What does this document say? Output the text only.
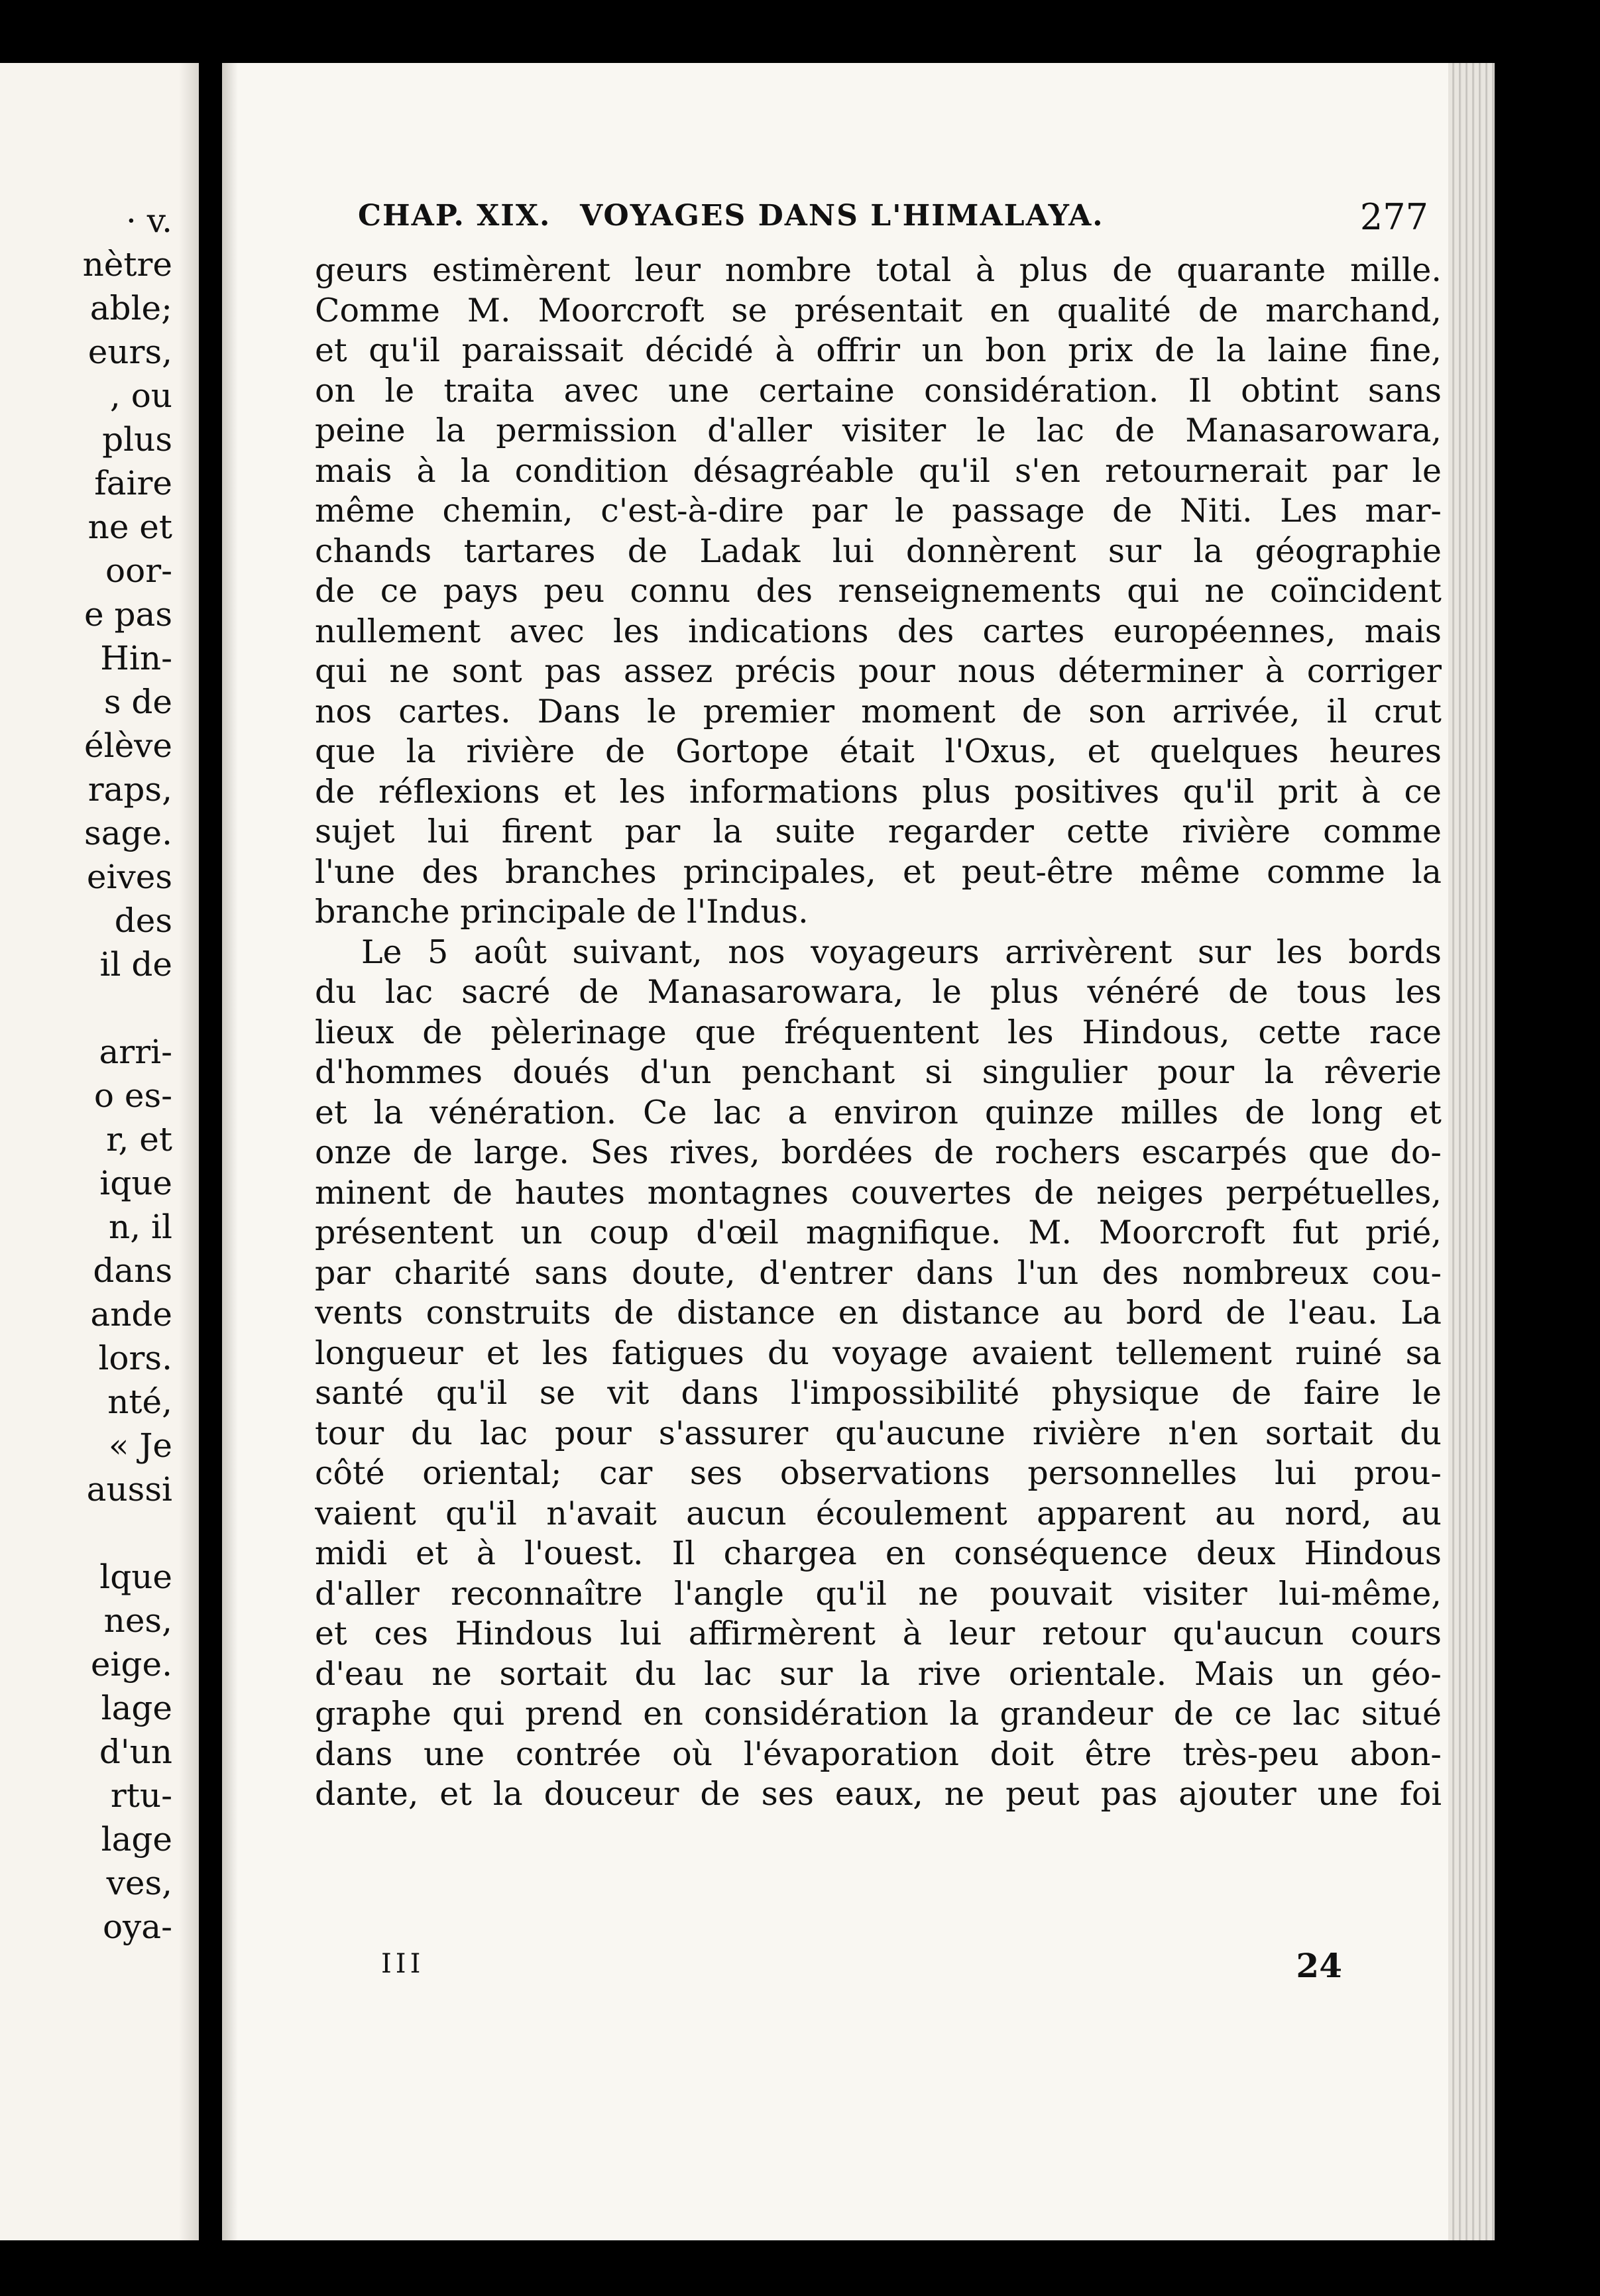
· v.
nètre
able;
eurs,
, ou
plus
faire
ne et
oor-
e pas
Hin-
s de
élève
raps,
sage.
eives
des
il de
arri-
o es-
r, et
ique
n, il
dans
ande
lors.
nté,
« Je
aussi
lque
nes,
eige.
lage
d'un
rtu-
lage
ves,
oya-
CHAP. XIX. VOYAGES DANS L'HIMALAYA.	277
geurs estimèrent leur nombre total à plus de quarante mille.
Comme M. Moorcroft se présentait en qualité de marchand,
et qu'il paraissait décidé à offrir un bon prix de la laine fine,
on le traita avec une certaine considération. Il obtint sans
peine la permission d'aller visiter le lac de Manasarowara,
mais à la condition désagréable qu'il s'en retournerait par le
même chemin, c'est-à-dire par le passage de Niti. Les mar-
chands tartares de Ladak lui donnèrent sur la géographie
de ce pays peu connu des renseignements qui ne coïncident
nullement avec les indications des cartes européennes, mais
qui ne sont pas assez précis pour nous déterminer à corriger
nos cartes. Dans le premier moment de son arrivée, il crut
que la rivière de Gortope était l'Oxus, et quelques heures
de réflexions et les informations plus positives qu'il prit à ce
sujet lui firent par la suite regarder cette rivière comme
l'une des branches principales, et peut-être même comme la
branche principale de l'Indus.
Le 5 août suivant, nos voyageurs arrivèrent sur les bords
du lac sacré de Manasarowara, le plus vénéré de tous les
lieux de pèlerinage que fréquentent les Hindous, cette race
d'hommes doués d'un penchant si singulier pour la rêverie
et la vénération. Ce lac a environ quinze milles de long et
onze de large. Ses rives, bordées de rochers escarpés que do-
minent de hautes montagnes couvertes de neiges perpétuelles,
présentent un coup d'œil magnifique. M. Moorcroft fut prié,
par charité sans doute, d'entrer dans l'un des nombreux cou-
vents construits de distance en distance au bord de l'eau. La
longueur et les fatigues du voyage avaient tellement ruiné sa
santé qu'il se vit dans l'impossibilité physique de faire le
tour du lac pour s'assurer qu'aucune rivière n'en sortait du
côté oriental; car ses observations personnelles lui prou-
vaient qu'il n'avait aucun écoulement apparent au nord, au
midi et à l'ouest. Il chargea en conséquence deux Hindous
d'aller reconnaître l'angle qu'il ne pouvait visiter lui-même,
et ces Hindous lui affirmèrent à leur retour qu'aucun cours
d'eau ne sortait du lac sur la rive orientale. Mais un géo-
graphe qui prend en considération la grandeur de ce lac situé
dans une contrée où l'évaporation doit être très-peu abon-
dante, et la douceur de ses eaux, ne peut pas ajouter une foi
III	24
